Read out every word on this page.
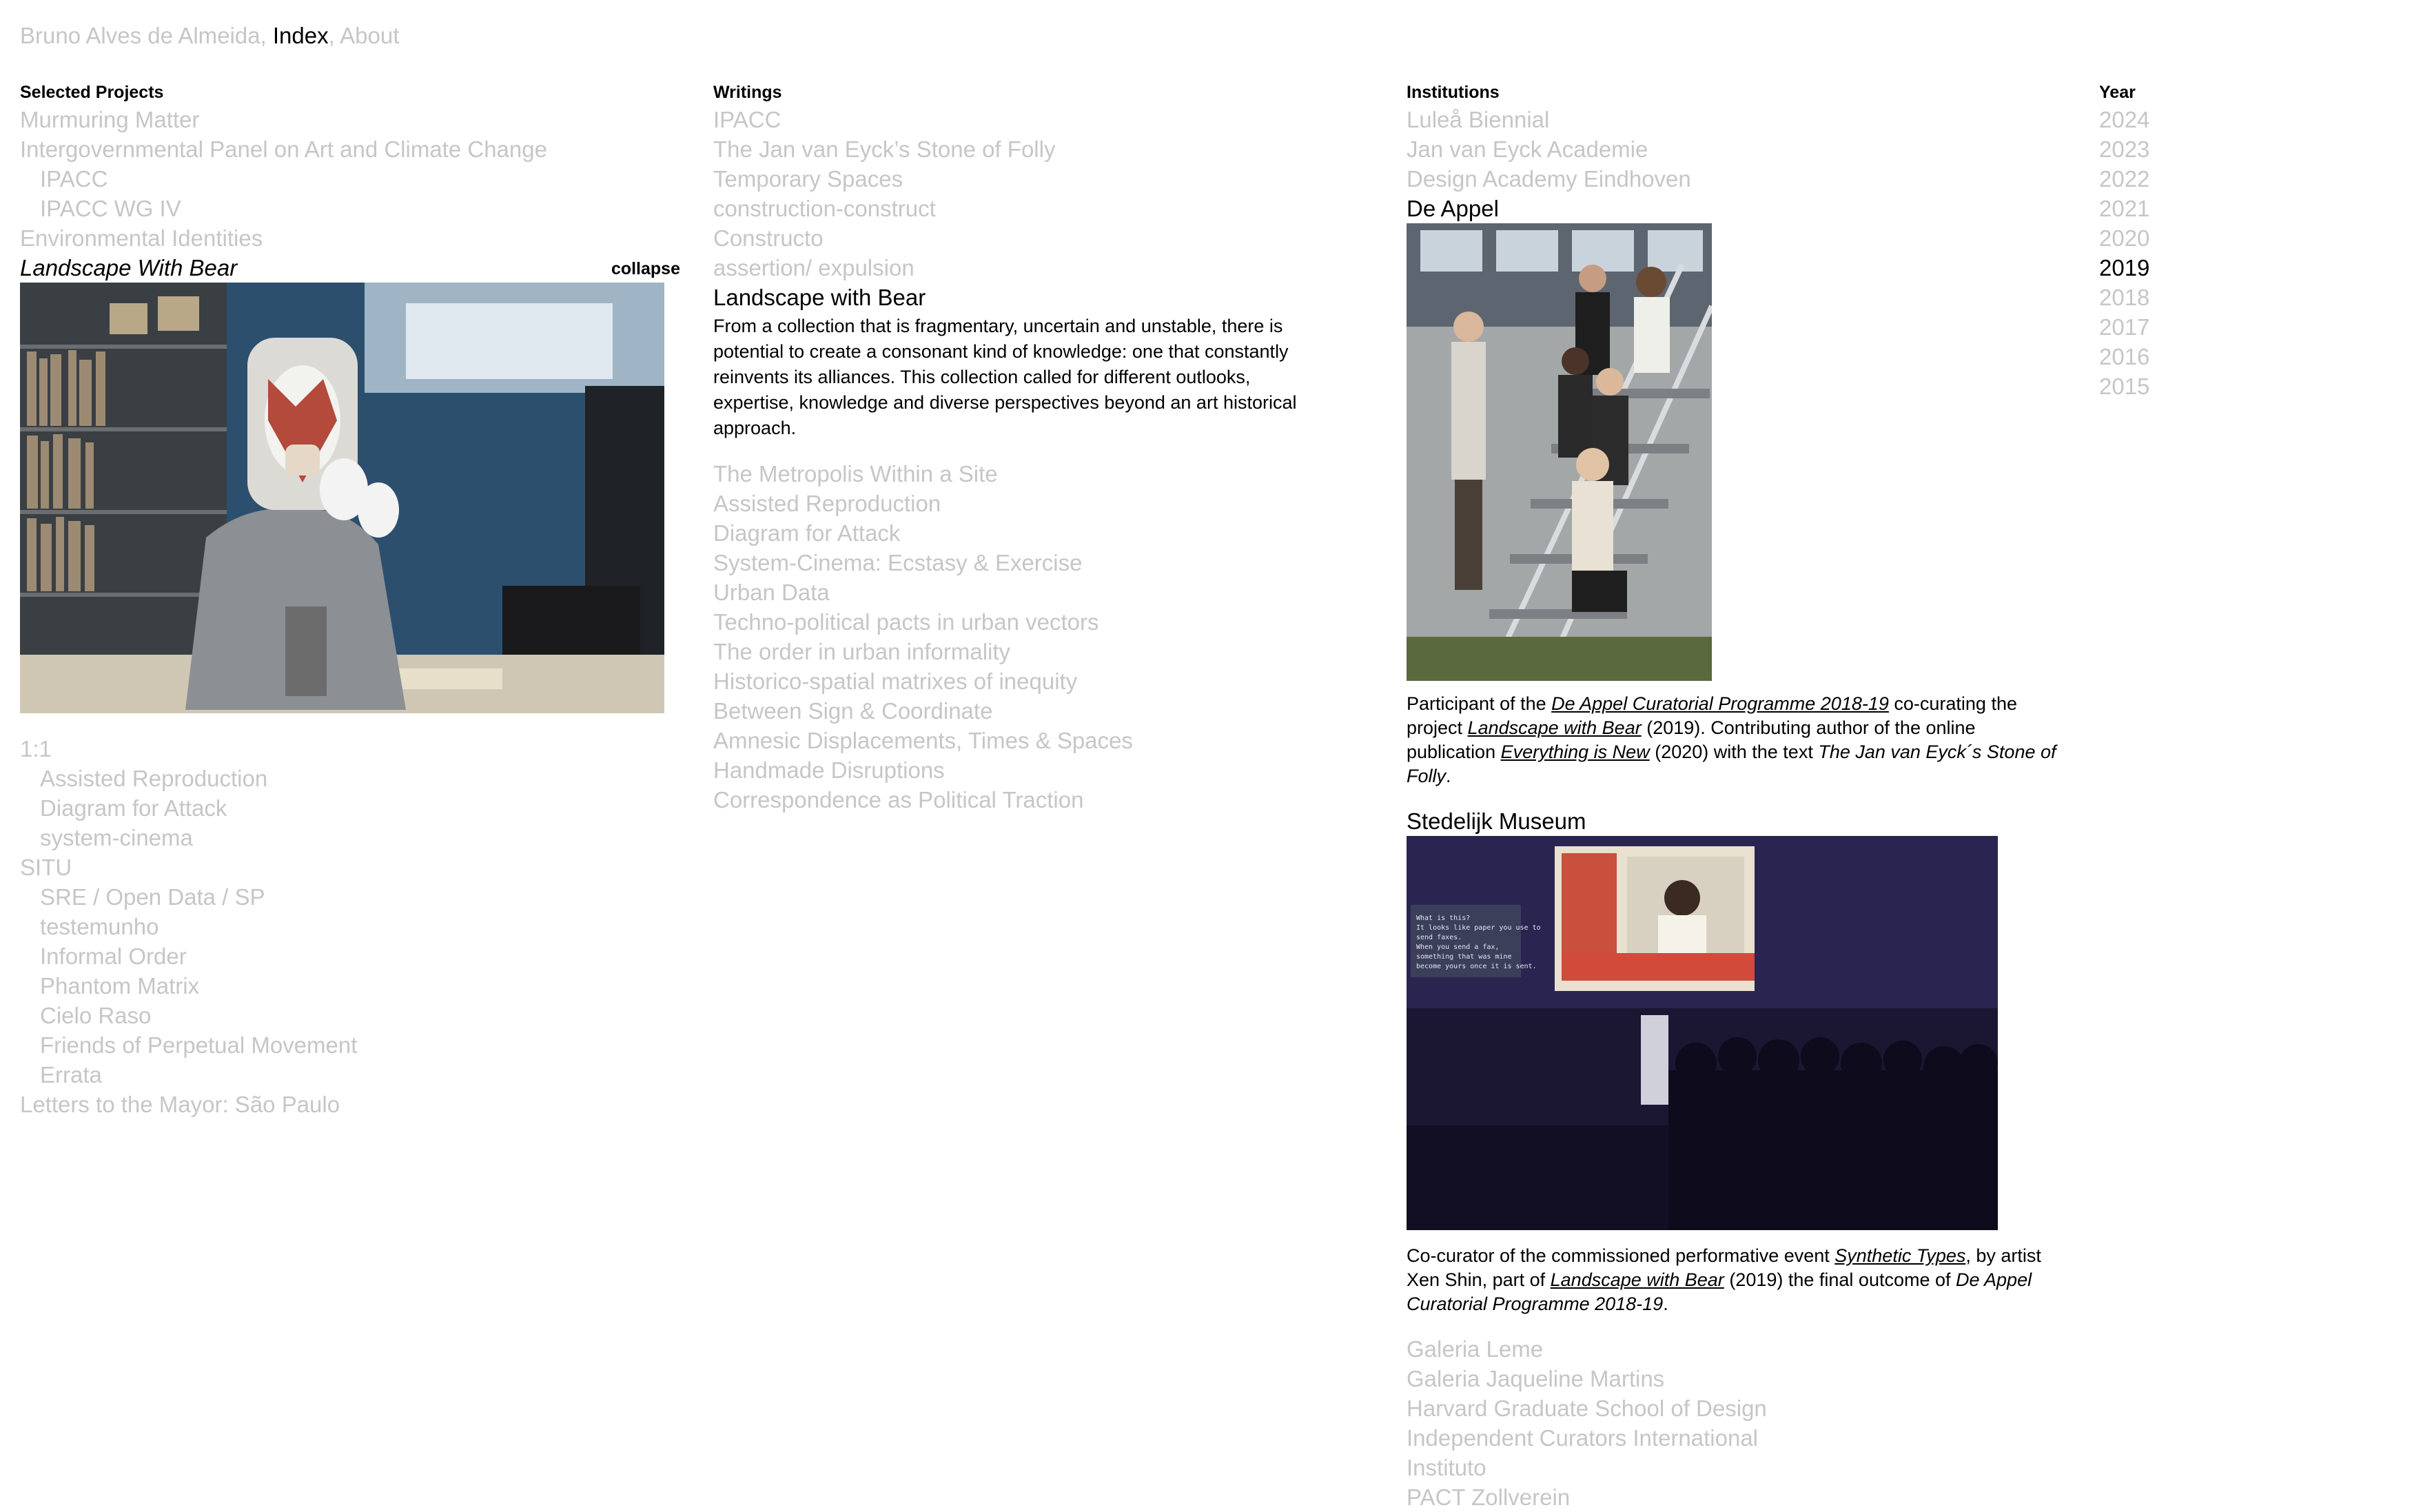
Bruno Alves de Almeida, Index, About
Selected Projects
Murmuring Matter
Intergovernmental Panel on Art and Climate Change
IPACC
IPACC WG IV
Environmental Identities
Landscape With Bear	collapse
1:1
Assisted Reproduction
Diagram for Attack
system-cinema
SITU
SRE / Open Data / SP
testemunho
Informal Order
Phantom Matrix
Cielo Raso
Friends of Perpetual Movement
Errata
Letters to the Mayor: São Paulo
Writings
IPACC
The Jan van Eyck’s Stone of Folly
Temporary Spaces
construction-construct
Constructo
assertion/ expulsion
Landscape with Bear

From a collection that is fragmentary, uncertain and unstable, there is potential to create a consonant kind of knowledge: one that constantly reinvents its alliances. This collection called for different outlooks, expertise, knowledge and diverse perspectives beyond an art historical approach.

The Metropolis Within a Site
Assisted Reproduction
Diagram for Attack
System-Cinema: Ecstasy & Exercise
Urban Data
Techno-political pacts in urban vectors
The order in urban informality
Historico-spatial matrixes of inequity
Between Sign & Coordinate
Amnesic Displacements, Times & Spaces
Handmade Disruptions
Correspondence as Political Traction
Institutions
Luleå Biennial
Jan van Eyck Academie
Design Academy Eindhoven
De Appel

Participant of the De Appel Curatorial Programme 2018-19 co-curating the project Landscape with Bear (2019). Contributing author of the online publication Everything is New (2020) with the text The Jan van Eyck´s Stone of Folly.

Stedelijk Museum
What is this?
It looks like paper you use to
send faxes.
When you send a fax,
something that was mine
become yours once it is sent.

Co-curator of the commissioned performative event Synthetic Types, by artist Xen Shin, part of Landscape with Bear (2019) the final outcome of De Appel Curatorial Programme 2018-19.

Galeria Leme
Galeria Jaqueline Martins
Harvard Graduate School of Design
Independent Curators International
Instituto
PACT Zollverein
Year
2024
2023
2022
2021
2020
2019
2018
2017
2016
2015
